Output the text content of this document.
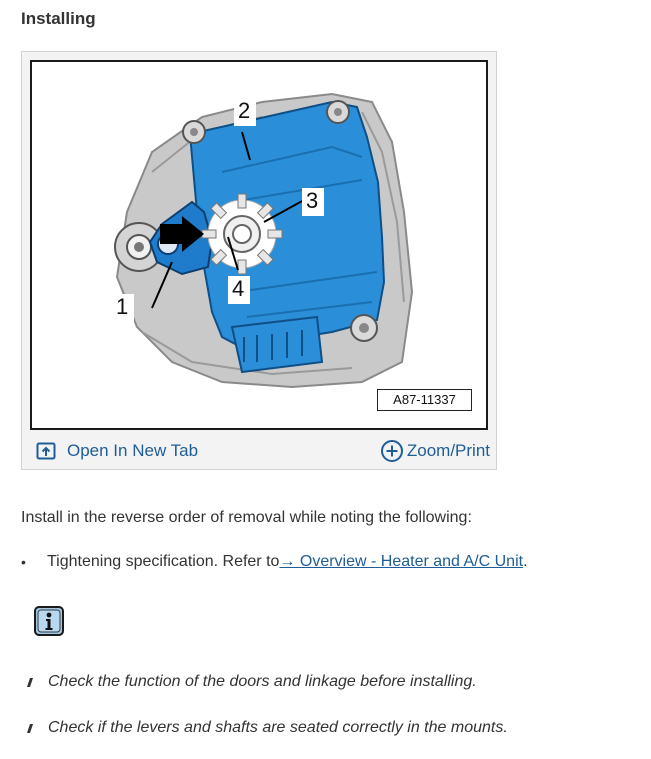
Installing
2
3
4
1
A87-11337
Open In New Tab	Zoom/Print

Install in the reverse order of removal while noting the following:

•	Tightening specification. Refer to → Overview - Heater and A/C Unit .
Check the function of the doors and linkage before installing.
Check if the levers and shafts are seated correctly in the mounts.
